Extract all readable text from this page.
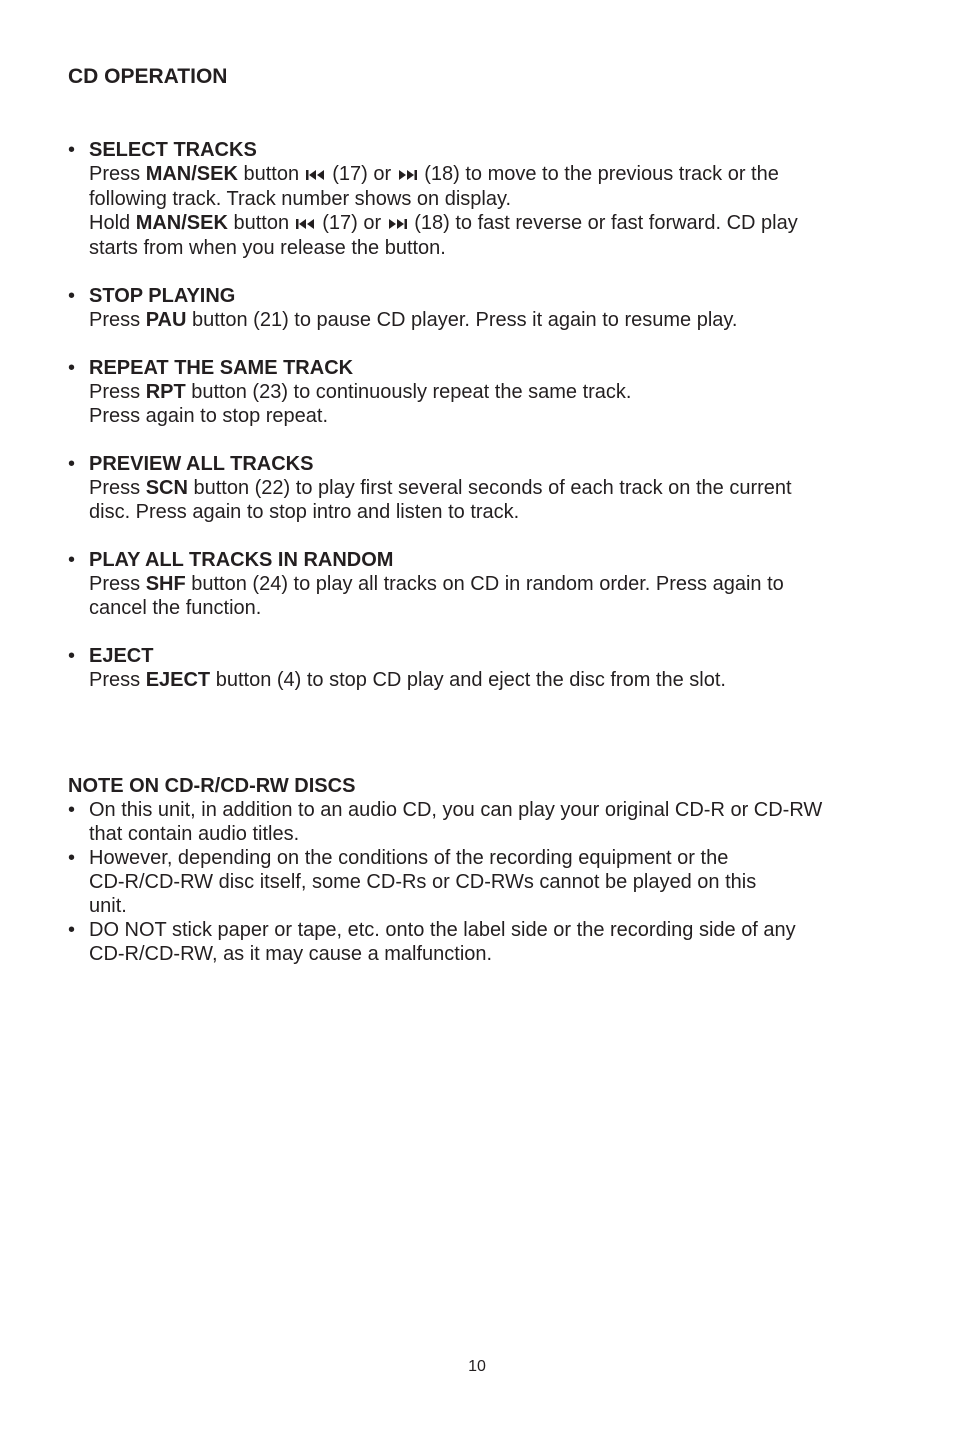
CD OPERATION
• SELECT TRACKS
Press MAN/SEK button  (17) or  (18) to move to the previous track or the
following track. Track number shows on display.
Hold MAN/SEK button  (17) or  (18) to fast reverse or fast forward. CD play
starts from when you release the button.
• STOP PLAYING
Press PAU button (21) to pause CD player. Press it again to resume play.
• REPEAT THE SAME TRACK
Press RPT button (23) to continuously repeat the same track.
Press again to stop repeat.
• PREVIEW ALL TRACKS
Press SCN button (22) to play first several seconds of each track on the current
disc. Press again to stop intro and listen to track.
• PLAY ALL TRACKS IN RANDOM
Press SHF button (24) to play all tracks on CD in random order. Press again to
cancel the function.
• EJECT
Press EJECT button (4) to stop CD play and eject the disc from the slot.
NOTE ON CD-R/CD-RW DISCS
• On this unit, in addition to an audio CD, you can play your original CD-R or CD-RW
that contain audio titles.
• However, depending on the conditions of the recording equipment or the
CD-R/CD-RW disc itself, some CD-Rs or CD-RWs cannot be played on this
unit.
• DO NOT stick paper or tape, etc. onto the label side or the recording side of any
CD-R/CD-RW, as it may cause a malfunction.
10
